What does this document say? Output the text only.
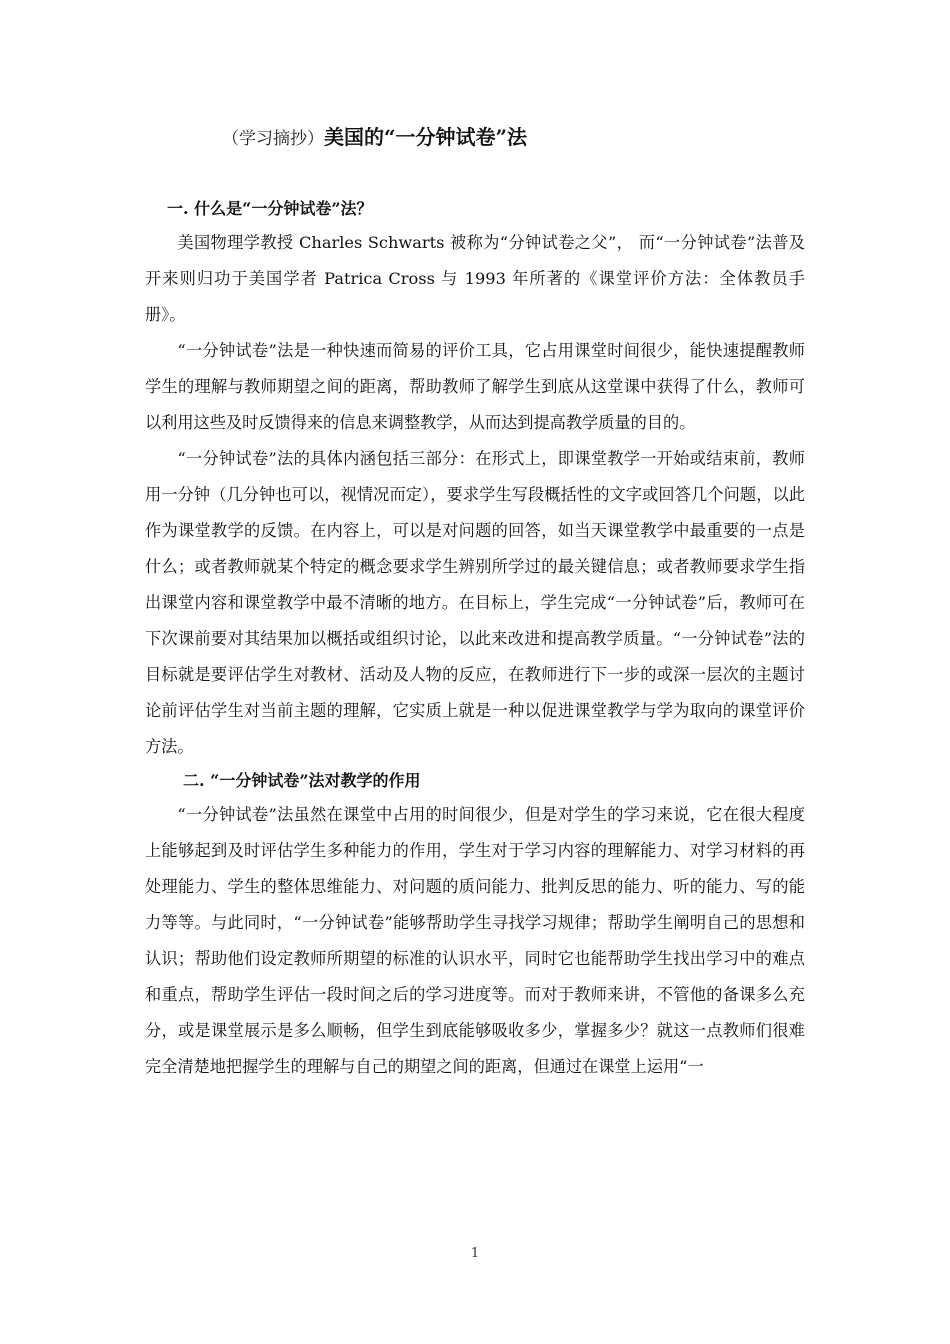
（学习摘抄）美国的“一分钟试卷”法
一. 什么是“一分钟试卷”法？

美国物理学教授 Charles Schwarts 被称为“分钟试卷之父”， 而“一分钟试卷”法普及开来则归功于美国学者 Patrica Cross 与 1993 年所著的《课堂评价方法：全体教员手册》。

“一分钟试卷”法是一种快速而简易的评价工具，它占用课堂时间很少，能快速提醒教师学生的理解与教师期望之间的距离，帮助教师了解学生到底从这堂课中获得了什么，教师可以利用这些及时反馈得来的信息来调整教学，从而达到提高教学质量的目的。

“一分钟试卷”法的具体内涵包括三部分：在形式上，即课堂教学一开始或结束前，教师用一分钟（几分钟也可以，视情况而定），要求学生写段概括性的文字或回答几个问题，以此作为课堂教学的反馈。在内容上，可以是对问题的回答，如当天课堂教学中最重要的一点是什么；或者教师就某个特定的概念要求学生辨别所学过的最关键信息；或者教师要求学生指出课堂内容和课堂教学中最不清晰的地方。在目标上，学生完成“一分钟试卷”后，教师可在下次课前要对其结果加以概括或组织讨论，以此来改进和提高教学质量。“一分钟试卷”法的目标就是要评估学生对教材、活动及人物的反应，在教师进行下一步的或深一层次的主题讨论前评估学生对当前主题的理解，它实质上就是一种以促进课堂教学与学为取向的课堂评价方法。

二. “一分钟试卷”法对教学的作用

“一分钟试卷”法虽然在课堂中占用的时间很少，但是对学生的学习来说，它在很大程度上能够起到及时评估学生多种能力的作用，学生对于学习内容的理解能力、对学习材料的再处理能力、学生的整体思维能力、对问题的质问能力、批判反思的能力、听的能力、写的能力等等。与此同时，“一分钟试卷”能够帮助学生寻找学习规律；帮助学生阐明自己的思想和认识；帮助他们设定教师所期望的标准的认识水平，同时它也能帮助学生找出学习中的难点和重点，帮助学生评估一段时间之后的学习进度等。而对于教师来讲，不管他的备课多么充分，或是课堂展示是多么顺畅，但学生到底能够吸收多少，掌握多少？就这一点教师们很难完全清楚地把握学生的理解与自己的期望之间的距离，但通过在课堂上运用“一

1
